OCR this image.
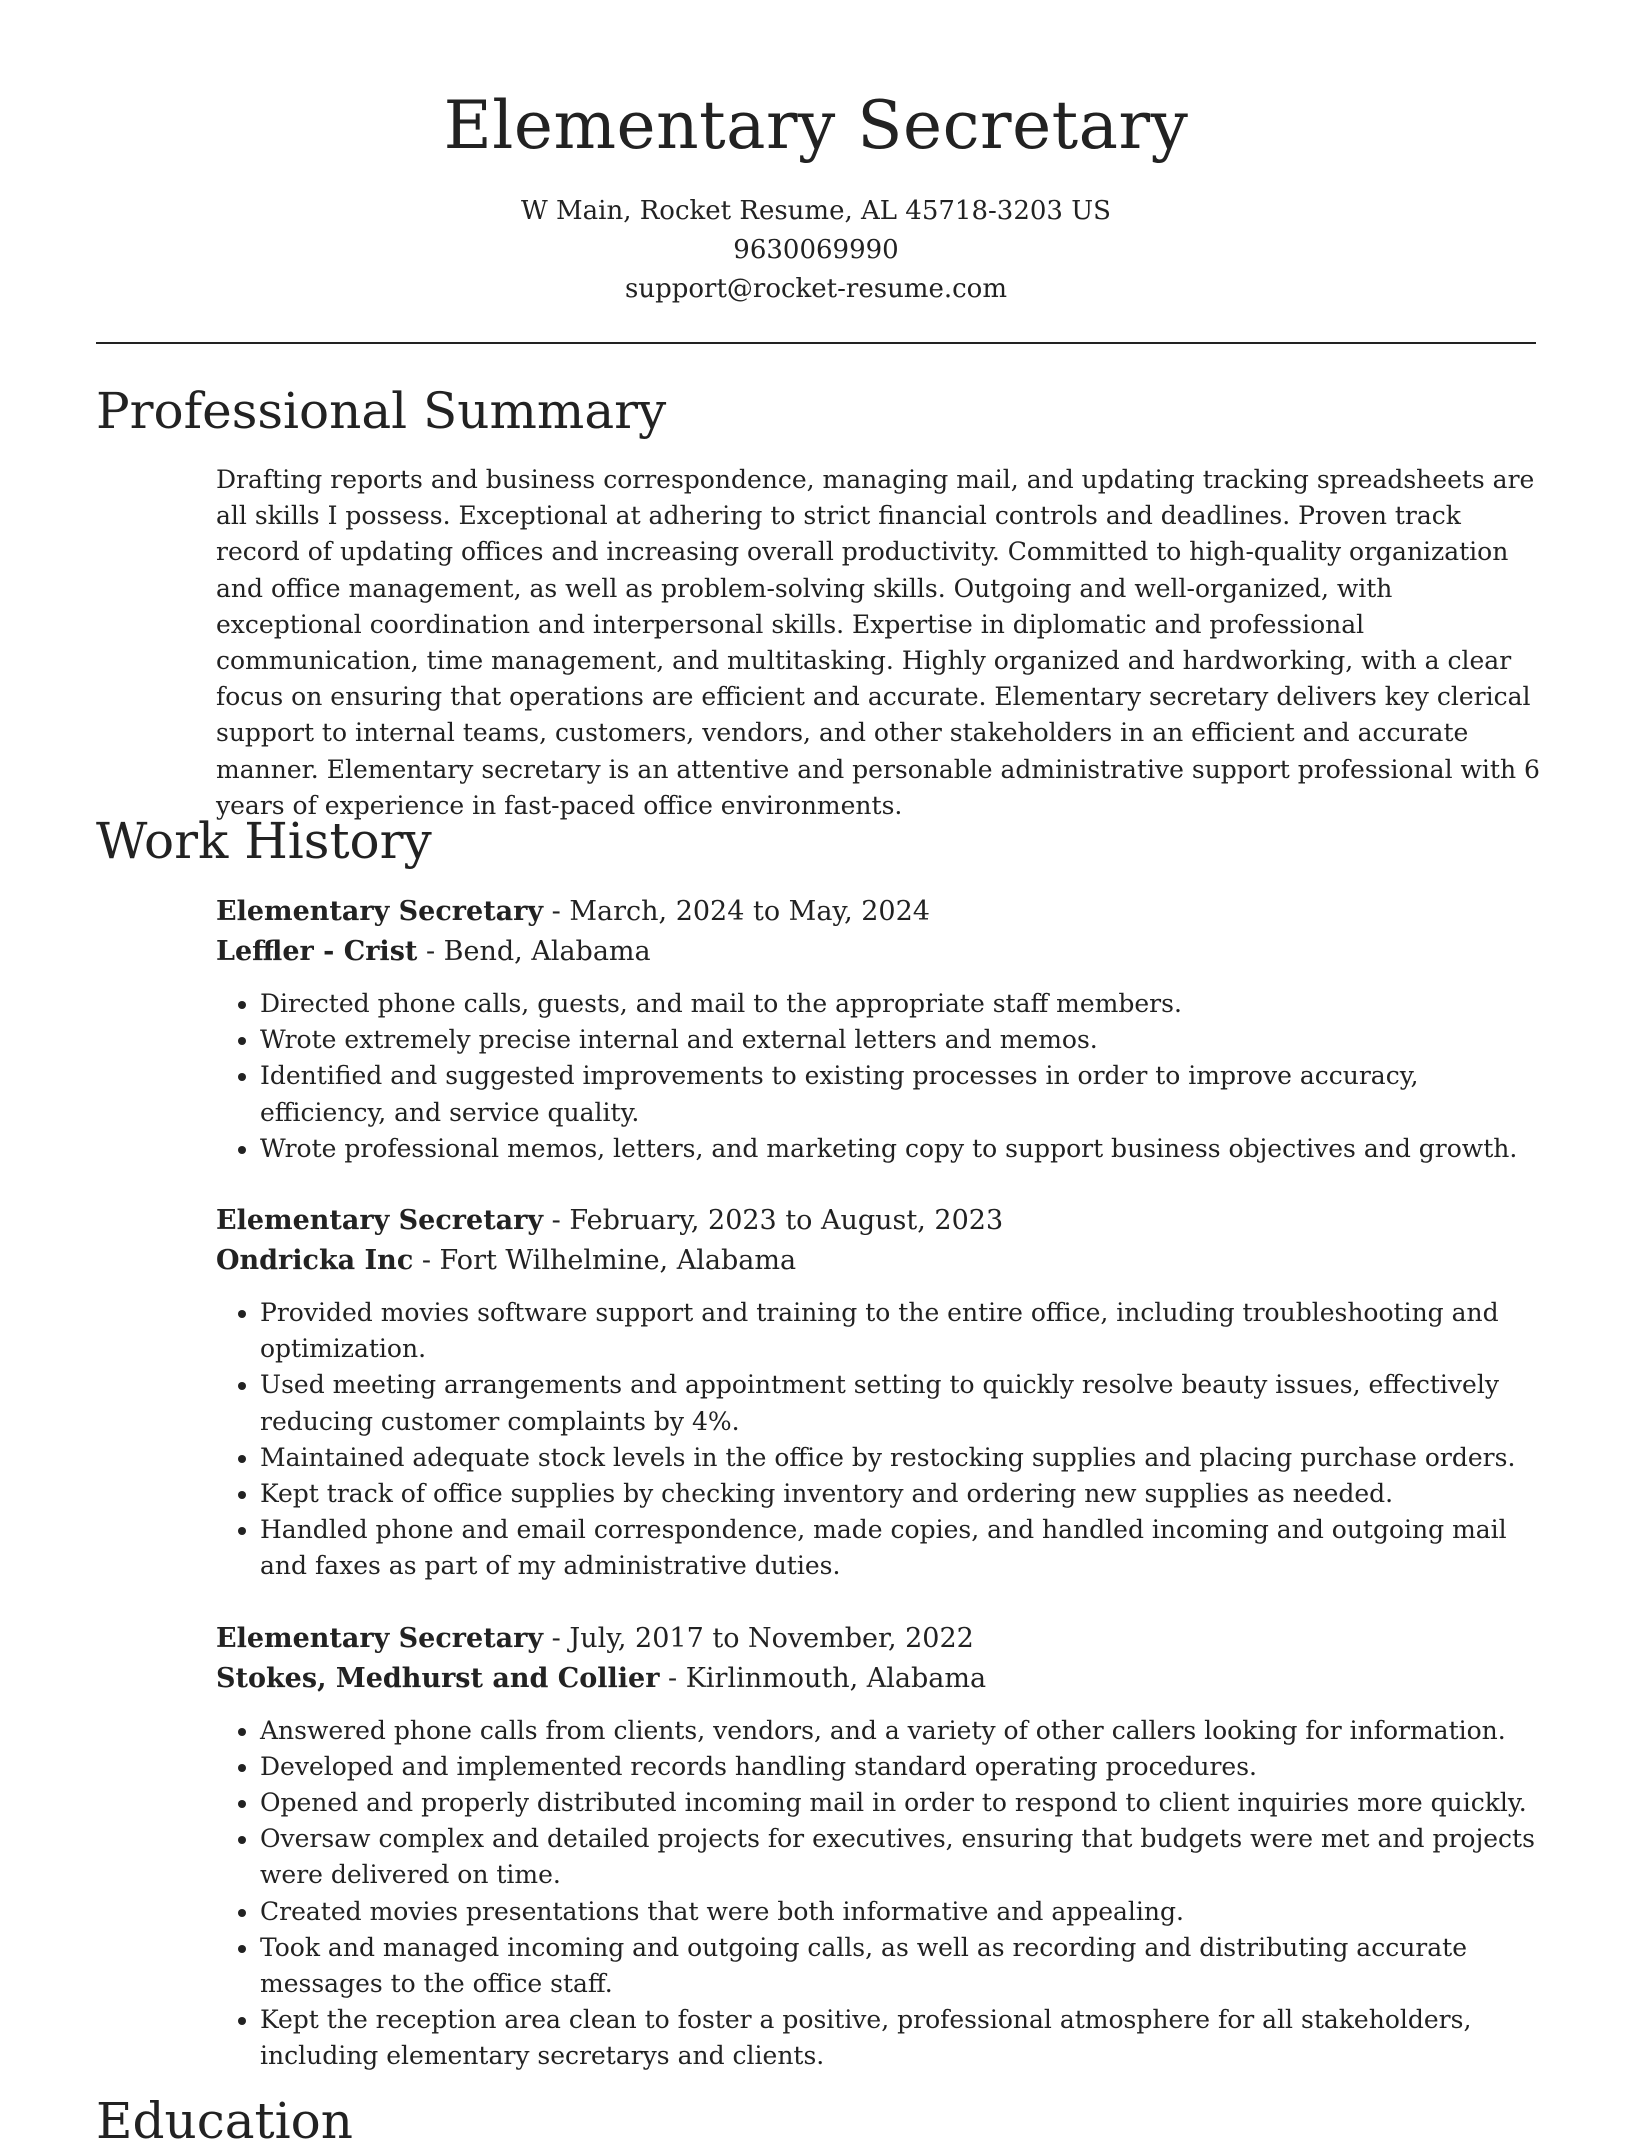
Elementary Secretary
W Main, Rocket Resume, AL 45718-3203 US
9630069990
support@rocket-resume.com
Professional Summary

Drafting reports and business correspondence, managing mail, and updating tracking spreadsheets are all skills I possess. Exceptional at adhering to strict financial controls and deadlines. Proven track record of updating offices and increasing overall productivity. Committed to high-quality organization and office management, as well as problem-solving skills. Outgoing and well-organized, with exceptional coordination and interpersonal skills. Expertise in diplomatic and professional communication, time management, and multitasking. Highly organized and hardworking, with a clear focus on ensuring that operations are efficient and accurate. Elementary secretary delivers key clerical support to internal teams, customers, vendors, and other stakeholders in an efficient and accurate manner. Elementary secretary is an attentive and personable administrative support professional with 6 years of experience in fast-paced office environments.

Work History
Elementary Secretary - March, 2024 to May, 2024
Leffler - Crist - Bend, Alabama
• Directed phone calls, guests, and mail to the appropriate staff members.
• Wrote extremely precise internal and external letters and memos.
• Identified and suggested improvements to existing processes in order to improve accuracy, efficiency, and service quality.
• Wrote professional memos, letters, and marketing copy to support business objectives and growth.
Elementary Secretary - February, 2023 to August, 2023
Ondricka Inc - Fort Wilhelmine, Alabama
• Provided movies software support and training to the entire office, including troubleshooting and optimization.
• Used meeting arrangements and appointment setting to quickly resolve beauty issues, effectively reducing customer complaints by 4%.
• Maintained adequate stock levels in the office by restocking supplies and placing purchase orders.
• Kept track of office supplies by checking inventory and ordering new supplies as needed.
• Handled phone and email correspondence, made copies, and handled incoming and outgoing mail and faxes as part of my administrative duties.
Elementary Secretary - July, 2017 to November, 2022
Stokes, Medhurst and Collier - Kirlinmouth, Alabama
• Answered phone calls from clients, vendors, and a variety of other callers looking for information.
• Developed and implemented records handling standard operating procedures.
• Opened and properly distributed incoming mail in order to respond to client inquiries more quickly.
• Oversaw complex and detailed projects for executives, ensuring that budgets were met and projects were delivered on time.
• Created movies presentations that were both informative and appealing.
• Took and managed incoming and outgoing calls, as well as recording and distributing accurate messages to the office staff.
• Kept the reception area clean to foster a positive, professional atmosphere for all stakeholders, including elementary secretarys and clients.
Education
